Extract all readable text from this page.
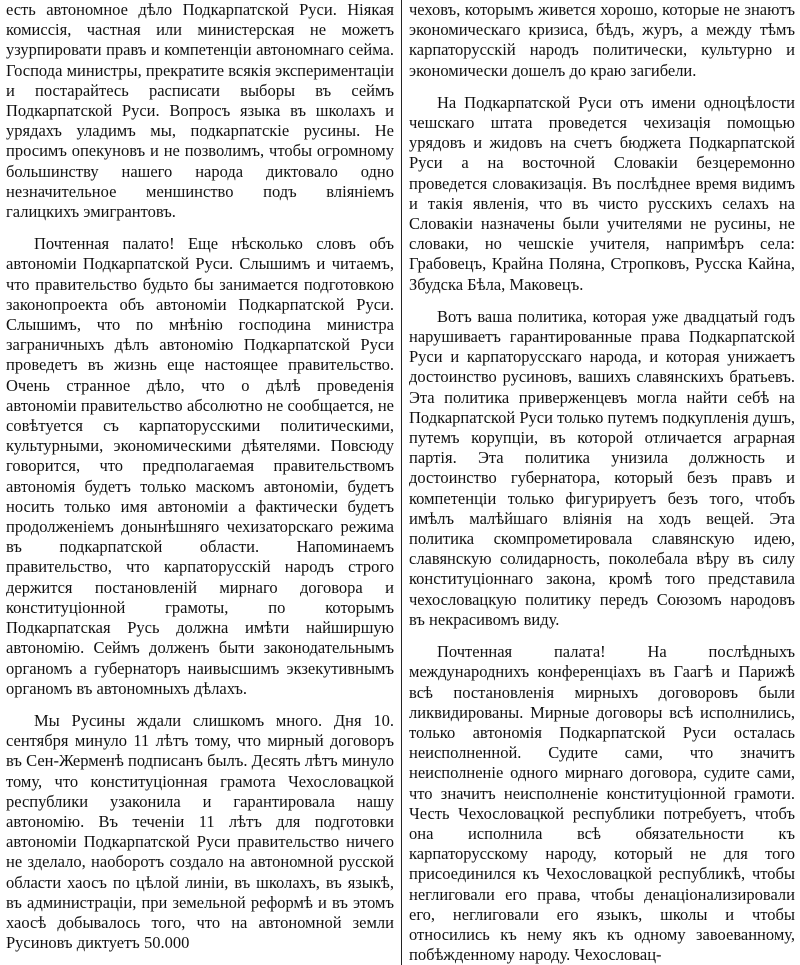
есть автономное дѣло Подкарпатской Руси. Ніякая комиссія, частная или министерская не можетъ узурпировати правъ и компетенціи автономнаго сейма. Господа министры, прекратите всякія экспериментаціи и постарайтесь расписати выборы въ сеймъ Подкарпатской Руси. Вопросъ языка въ школахъ и урядахъ уладимъ мы, подкарпатскіе русины. Не просимъ опекуновъ и не позволимъ, чтобы огромному большинству нашего народа диктовало одно незначительное меншинство подъ вліяніемъ галицкихъ эмигрантовъ.

Почтенная палато! Еще нѣсколько словъ объ автономіи Подкарпатской Руси. Слышимъ и читаемъ, что правительство будьто бы занимается подготовкою законопроекта объ автономіи Подкарпатской Руси. Слышимъ, что по мнѣнію господина министра заграничныхъ дѣлъ автономію Подкарпатской Руси проведетъ въ жизнь еще настоящее правительство. Очень странное дѣло, что о дѣлѣ проведенія автономіи правительство абсолютно не сообщается, не совѣтуется съ карпаторусскими политическими, культурными, экономическими дѣятелями. Повсюду говорится, что предполагаемая правительствомъ автономія будетъ только маскомъ автономіи, будетъ носить только имя автономіи а фактически будетъ продолженіемъ донынѣшняго чехизаторскаго режима въ подкарпатской области. Напоминаемъ правительство, что карпаторусскій народъ строго держится постановленій мирнаго договора и конституціонной грамоты, по которымъ Подкарпатская Русь должна имѣти найширшую автономію. Сеймъ долженъ быти законодательнымъ органомъ а губернаторъ наивысшимъ экзекутивнымъ органомъ въ автономныхъ дѣлахъ.

Мы Русины ждали слишкомъ много. Дня 10. сентября минуло 11 лѣтъ тому, что мирный договоръ въ Сен-Жерменѣ подписанъ былъ. Десять лѣтъ минуло тому, что конституціонная грамота Чехословацкой республики узаконила и гарантировала нашу автономію. Въ теченіи 11 лѣтъ для подготовки автономіи Подкарпатской Руси правительство ничего не зделало, наоборотъ создало на автономной русской области хаосъ по цѣлой линіи, въ школахъ, въ языкѣ, въ администраціи, при земельной реформѣ и въ этомъ хаосѣ добывалось того, что на автономной земли Русиновъ диктуетъ 50.000

чеховъ, которымъ живется хорошо, которые не знаютъ экономическаго кризиса, бѣдъ, журъ, а между тѣмъ карпаторусскій народъ политически, культурно и экономически дошелъ до краю загибели.

На Подкарпатской Руси отъ имени одноцѣлости чешскаго штата проведется чехизація помощью урядовъ и жидовъ на счетъ бюджета Подкарпатской Руси а на восточной Словакіи безцеремонно проведется словакизація. Въ послѣднее время видимъ и такія явленія, что въ чисто русскихъ селахъ на Словакіи назначены были учителями не русины, не словаки, но чешскіе учителя, напримѣръ села: Грабовецъ, Крайна Поляна, Стропковъ, Русска Кайна, Збудска Бѣла, Маковецъ.

Вотъ ваша политика, которая уже двадцатый годъ нарушиваетъ гарантированные права Подкарпатской Руси и карпаторусскаго народа, и которая унижаетъ достоинство русиновъ, вашихъ славянскихъ братьевъ. Эта политика приверженцевъ могла найти себѣ на Подкарпатской Руси только путемъ подкупленія душъ, путемъ корупціи, въ которой отличается аграрная партія. Эта политика унизила должность и достоинство губернатора, который безъ правъ и компетенціи только фигурируетъ безъ того, чтобъ имѣлъ малѣйшаго вліянія на ходъ вещей. Эта политика скомпрометировала славянскую идею, славянскую солидарность, поколебала вѣру въ силу конституціоннаго закона, кромѣ того представила чехословацкую политику передъ Союзомъ народовъ въ некрасивомъ виду.

Почтенная палата! На послѣдныхъ международнихъ конференціахъ въ Гаагѣ и Парижѣ всѣ постановленія мирныхъ договоровъ были ликвидированы. Мирные договоры всѣ исполнились, только автономія Подкарпатской Руси осталась неисполненной. Судите сами, что значитъ неисполненіе одного мирнаго договора, судите сами, что значитъ неисполненіе конституціонной грамоти. Честь Чехословацкой республики потребуетъ, чтобъ она исполнила всѣ обязательности къ карпаторусскому народу, который не для того присоединился къ Чехословацкой республикѣ, чтобы неглиговали его права, чтобы денаціонализировали его, неглиговали его языкъ, школы и чтобы относились къ нему якъ къ одному завоеванному, побѣжденному народу. Чехословац-
